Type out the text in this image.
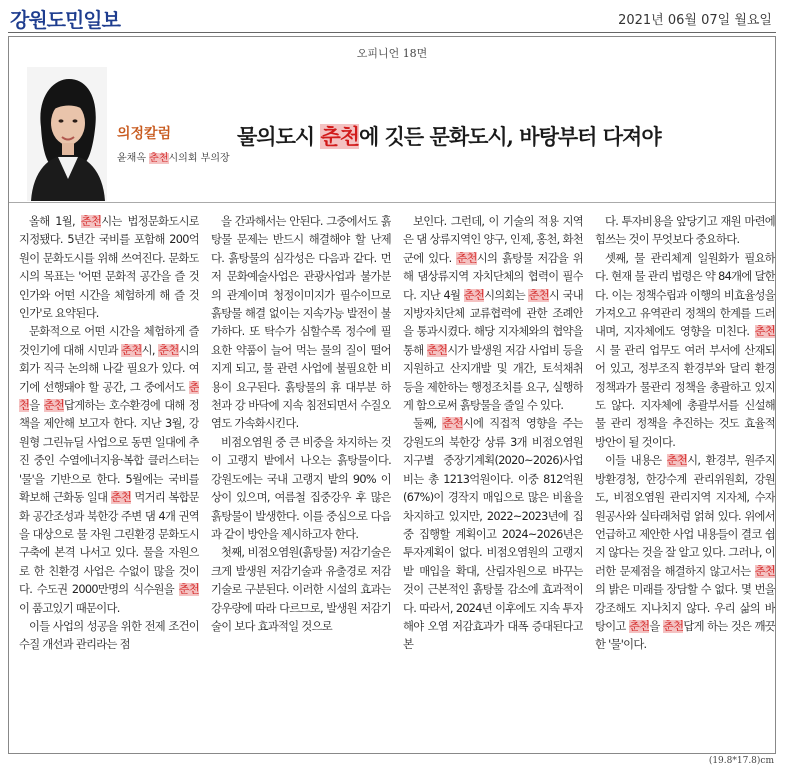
강원도민일보	2021년 06월 07일 월요일
오피니언 18면
의정칼럼
윤채옥 춘천시의회 부의장
물의도시 춘천에 깃든 문화도시, 바탕부터 다져야

올해 1월, 춘천시는 법정문화도시로 지정됐다. 5년간 국비를 포함해 200억원이 문화도시를 위해 쓰여진다. 문화도시의 목표는 '어떤 문화적 공간을 즐 것인가와 어떤 시간을 체험하게 해 즐 것인가'로 요약된다.

문화적으로 어떤 시간을 체험하게 즐 것인기에 대해 시민과 춘천시, 춘천시의회가 직극 논의해 나갈 필요가 있다. 여기에 선행돼야 할 공간, 그 중에서도 춘천을 춘천답게하는 호수환경에 대해 정책을 제안해 보고자 한다. 지난 3월, 강원형 그린뉴딜 사업으로 동면 일대에 추진 중인 수열에너지융·복합 클러스터는 '물'을 기반으로 한다. 5월에는 국비를 확보해 근화동 일대 춘천 먹거리 복합문화 공간조성과 북한강 주변 댐 4개 권역을 대상으로 물 자원 그린환경 문화도시 구축에 본격 나서고 있다. 물을 자원으로 한 친환경 사업은 수없이 많을 것이다. 수도권 2000만명의 식수원을 춘천이 품고있기 때문이다.

이들 사업의 성공을 위한 전제 조건이 수질 개선과 관리라는 점

을 간과해서는 안된다. 그중에서도 흙탕물 문제는 반드시 해결해야 할 난제다. 흙탕물의 심각성은 다음과 같다. 먼저 문화예술사업은 관광사업과 불가분의 관계이며 청정이미지가 필수이므로 흙탕물 해결 없이는 지속가능 발전이 불가하다. 또 탁수가 심할수록 정수에 필요한 약품이 늘어 먹는 물의 질이 떨어지게 되고, 물 관련 사업에 불필요한 비용이 요구된다. 흙탕물의 휴 대부분 하천과 강 바닥에 지속 침전되면서 수질오염도 가속화시킨다.

비점오염원 중 큰 비중을 차지하는 것이 고랭지 밭에서 나오는 흙탕물이다. 강원도에는 국내 고랭지 밭의 90% 이상이 있으며, 여름철 집중강우 후 많은 흙탕물이 발생한다. 이를 중심으로 다음과 같이 방안을 제시하고자 한다.

첫째, 비점오염원(흙탕물) 저감기술은 크게 발생원 저감기술과 유출경로 저감기술로 구분된다. 이러한 시설의 효과는 강우량에 따라 다르므로, 발생원 저감기술이 보다 효과적일 것으로

보인다. 그런데, 이 기술의 적용 지역은 댐 상류지역인 양구, 인제, 홍천, 화천군에 있다. 춘천시의 흙탕물 저감을 위해 댐상류지역 자치단체의 협력이 필수다. 지난 4월 춘천시의회는 춘천시 국내 지방자치단체 교류협력에 관한 조례안을 통과시켰다. 해당 지자체와의 협약을 통해 춘천시가 발생원 저감 사업비 등을 지원하고 산지개발 및 개간, 토석채취 등을 제한하는 행정조치를 요구, 실행하게 함으로써 흙탕물을 줄일 수 있다.

둘째, 춘천시에 직접적 영향을 주는 강원도의 북한강 상류 3개 비점오염원 지구별 중장기계획(2020~2026)사업비는 총 1213억원이다. 이중 812억원(67%)이 경작지 매입으로 많은 비율을 차지하고 있지만, 2022~2023년에 집중 집행할 계획이고 2024~2026년은 투자계획이 없다. 비점오염원의 고랭지밭 매입을 확대, 산림자원으로 바꾸는 것이 근본적인 흙탕물 감소에 효과적이다. 따라서, 2024년 이후에도 지속 투자해야 오염 저감효과가 대폭 증대된다고 본

다. 투자비용을 앞당기고 재원 마련에 힘쓰는 것이 무엇보다 중요하다.

셋째, 물 관리체계 일원화가 필요하다. 현재 물 관리 법령은 약 84개에 달한다. 이는 정책수립과 이행의 비효율성을 가져오고 유역관리 정책의 한계를 드러내며, 지자체에도 영향을 미친다. 춘천시 물 관리 업무도 여러 부서에 산재되어 있고, 정부조직 환경부와 달리 환경정책과가 물관리 정책을 총괄하고 있지도 않다. 지자체에 총괄부서를 신설해 물 관리 정책을 추진하는 것도 효율적 방안이 될 것이다.

이들 내용은 춘천시, 환경부, 원주지방환경청, 한강수계 관리위원회, 강원도, 비점오염원 관리지역 지자체, 수자원공사와 실타래처럼 얽혀 있다. 위에서 언급하고 제안한 사업 내용들이 결코 쉽지 않다는 것을 잘 알고 있다. 그러나, 이러한 문제점을 해결하지 않고서는 춘천의 밝은 미래를 장담할 수 없다. 몇 번을 강조해도 지나치지 않다. 우리 삶의 바탕이고 춘천을 춘천답게 하는 것은 깨끗한 '물'이다.

(19.8*17.8)cm
